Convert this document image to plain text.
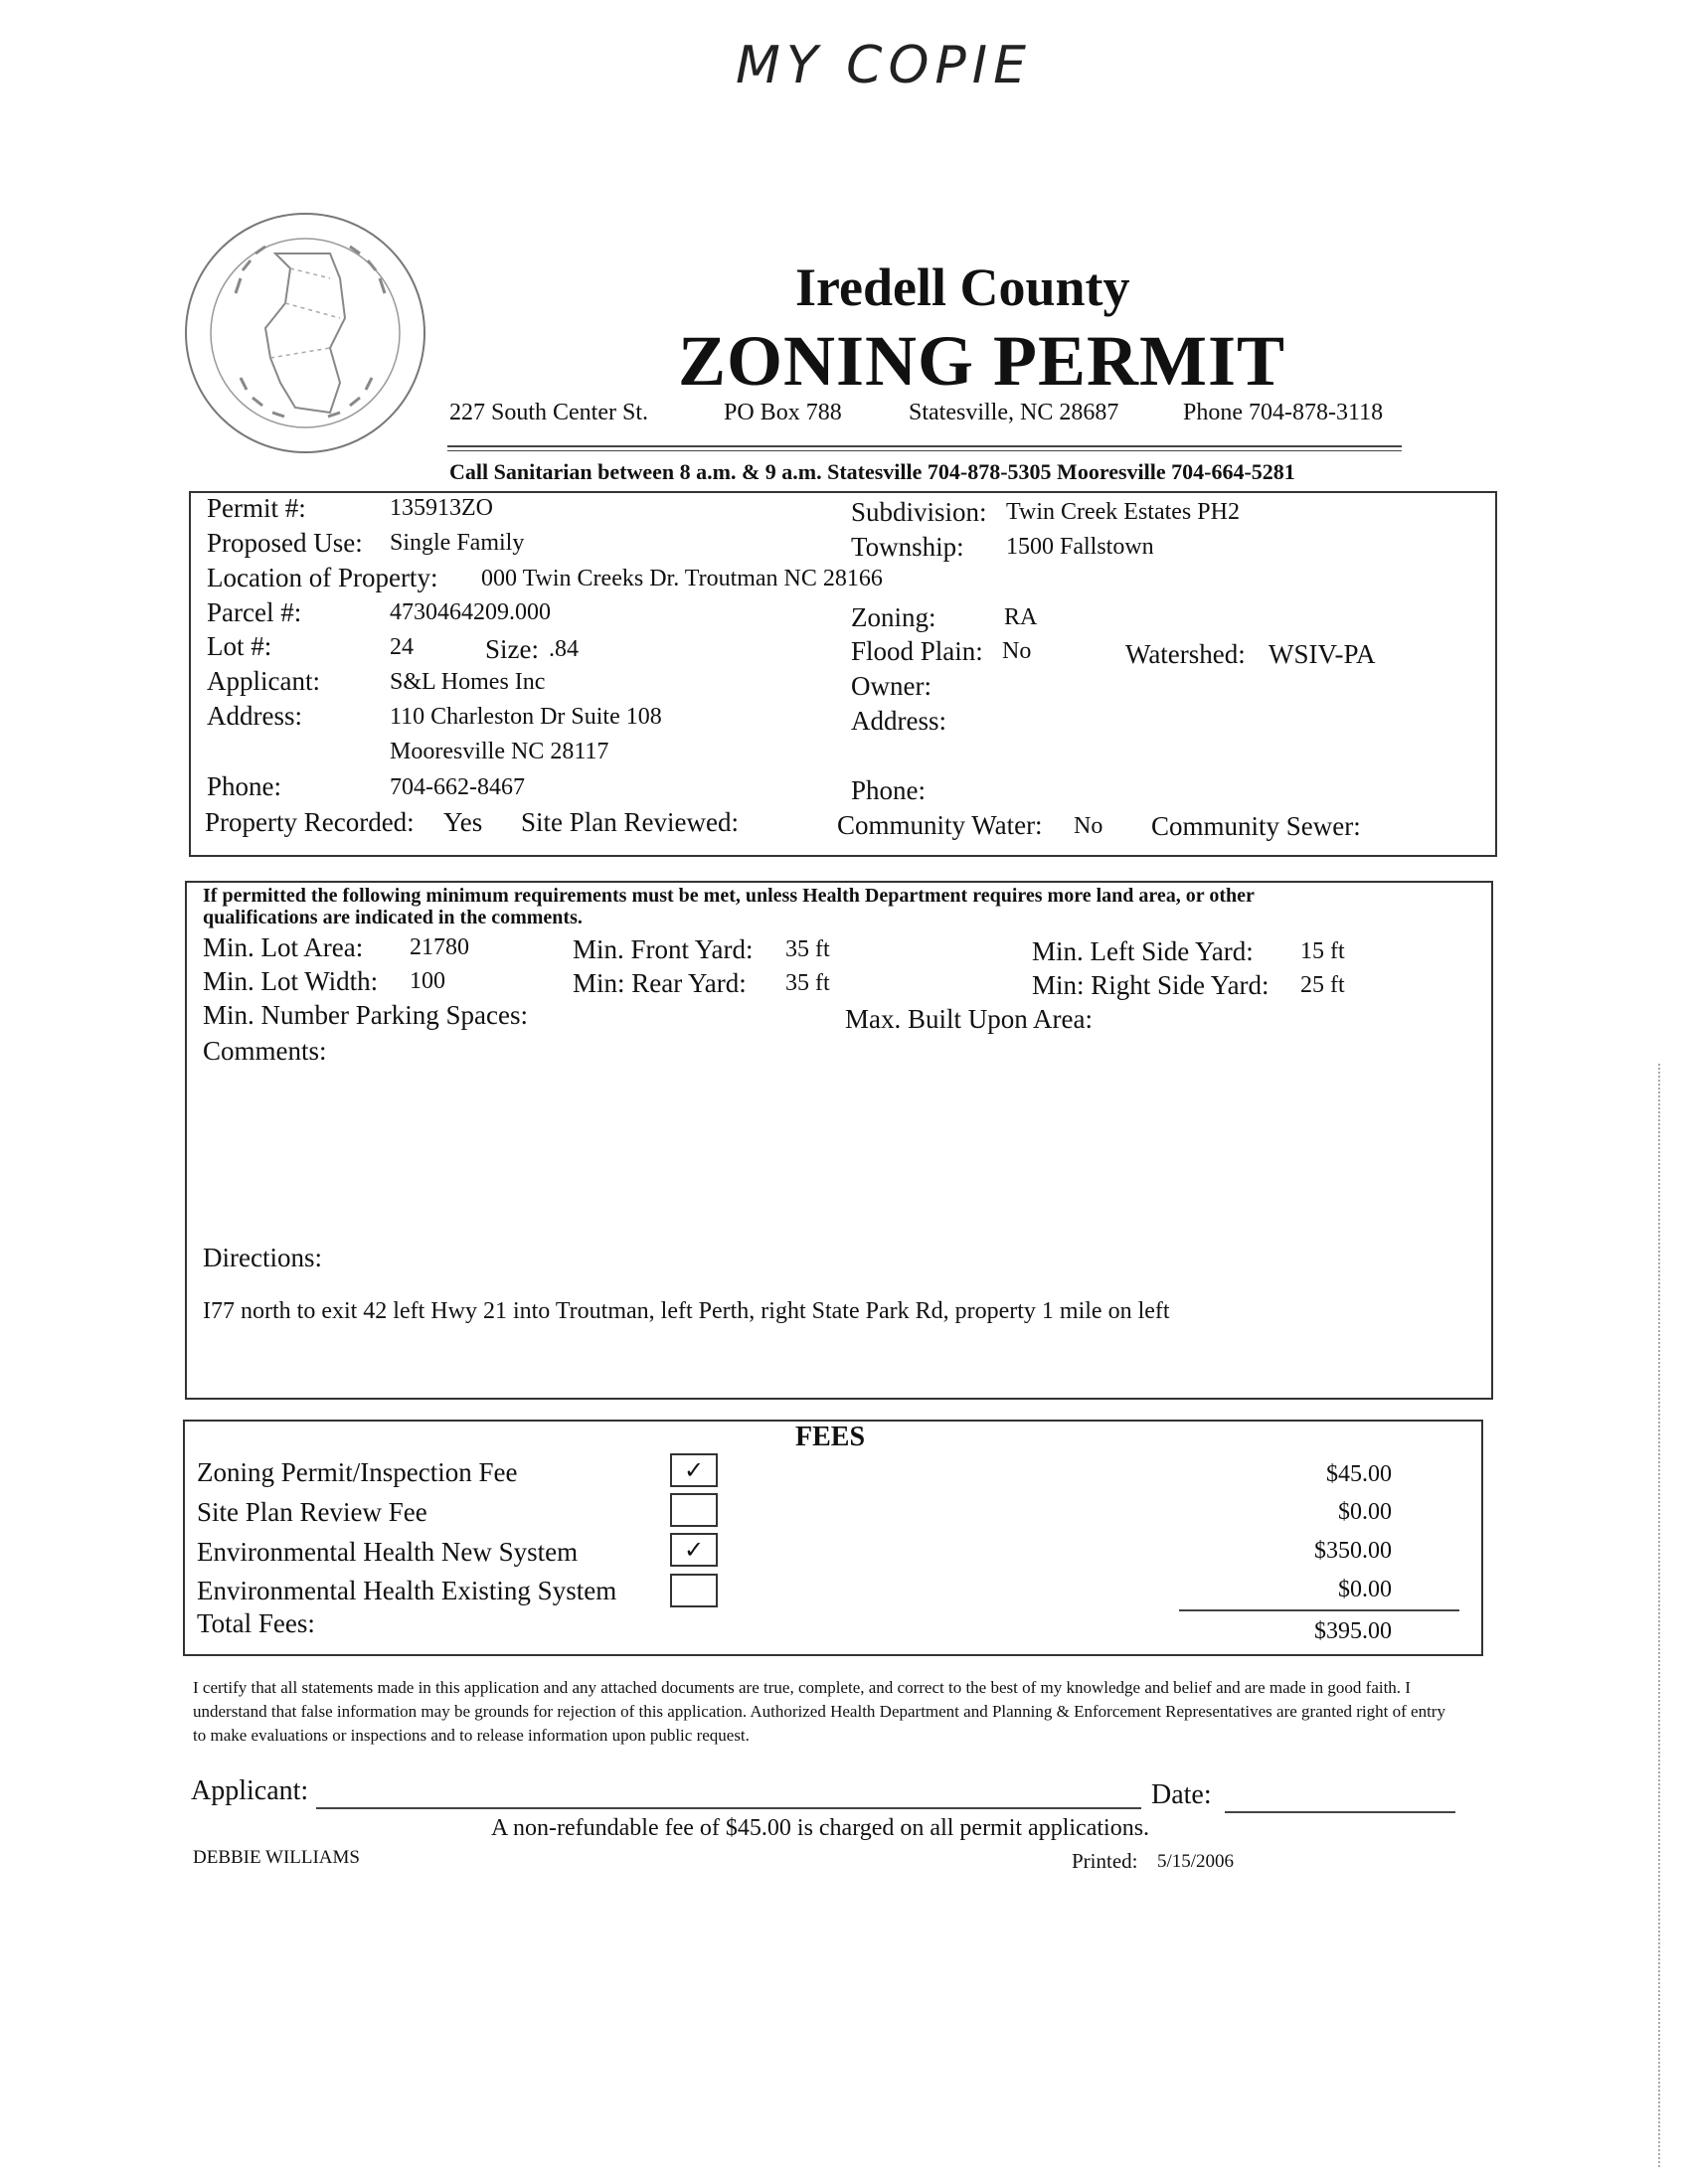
MY COPIE
Iredell County
ZONING PERMIT
227 South Center St.	PO Box 788	Statesville, NC 28687	Phone 704-878-3118
Call Sanitarian between 8 a.m. & 9 a.m. Statesville 704-878-5305 Mooresville 704-664-5281
Permit #:	135913ZO	Subdivision: Twin Creek Estates PH2
Proposed Use: Single Family	Township: 1500 Fallstown
Location of Property: 000 Twin Creeks Dr. Troutman NC 28166
Parcel #:	4730464209.000	Zoning:	RA
Lot #:	24	Size: .84	Flood Plain: No	Watershed: WSIV-PA
Applicant:	S&L Homes Inc	Owner:
Address:	110 Charleston Dr Suite 108	Address:
Mooresville NC 28117
Phone:	704-662-8467	Phone:
Property Recorded: Yes Site Plan Reviewed:	Community Water: No Community Sewer:
If permitted the following minimum requirements must be met, unless Health Department requires more land area, or other
qualifications are indicated in the comments.
Min. Lot Area: 21780	Min. Front Yard: 35 ft	Min. Left Side Yard: 15 ft
Min. Lot Width: 100	Min: Rear Yard: 35 ft	Min: Right Side Yard: 25 ft
Min. Number Parking Spaces:	Max. Built Upon Area:
Comments:
Directions:
I77 north to exit 42 left Hwy 21 into Troutman, left Perth, right State Park Rd, property 1 mile on left
FEES
Zoning Permit/Inspection Fee	✓	$45.00
Site Plan Review Fee	$0.00
Environmental Health New System	✓	$350.00
Environmental Health Existing System	$0.00
Total Fees:	$395.00
I certify that all statements made in this application and any attached documents are true, complete, and correct to the best of my knowledge and belief and are made in good faith. I understand that false information may be grounds for rejection of this application. Authorized Health Department and Planning & Enforcement Representatives are granted right of entry to make evaluations or inspections and to release information upon public request.
Applicant:	Date:
A non-refundable fee of $45.00 is charged on all permit applications.
DEBBIE WILLIAMS	Printed: 5/15/2006
